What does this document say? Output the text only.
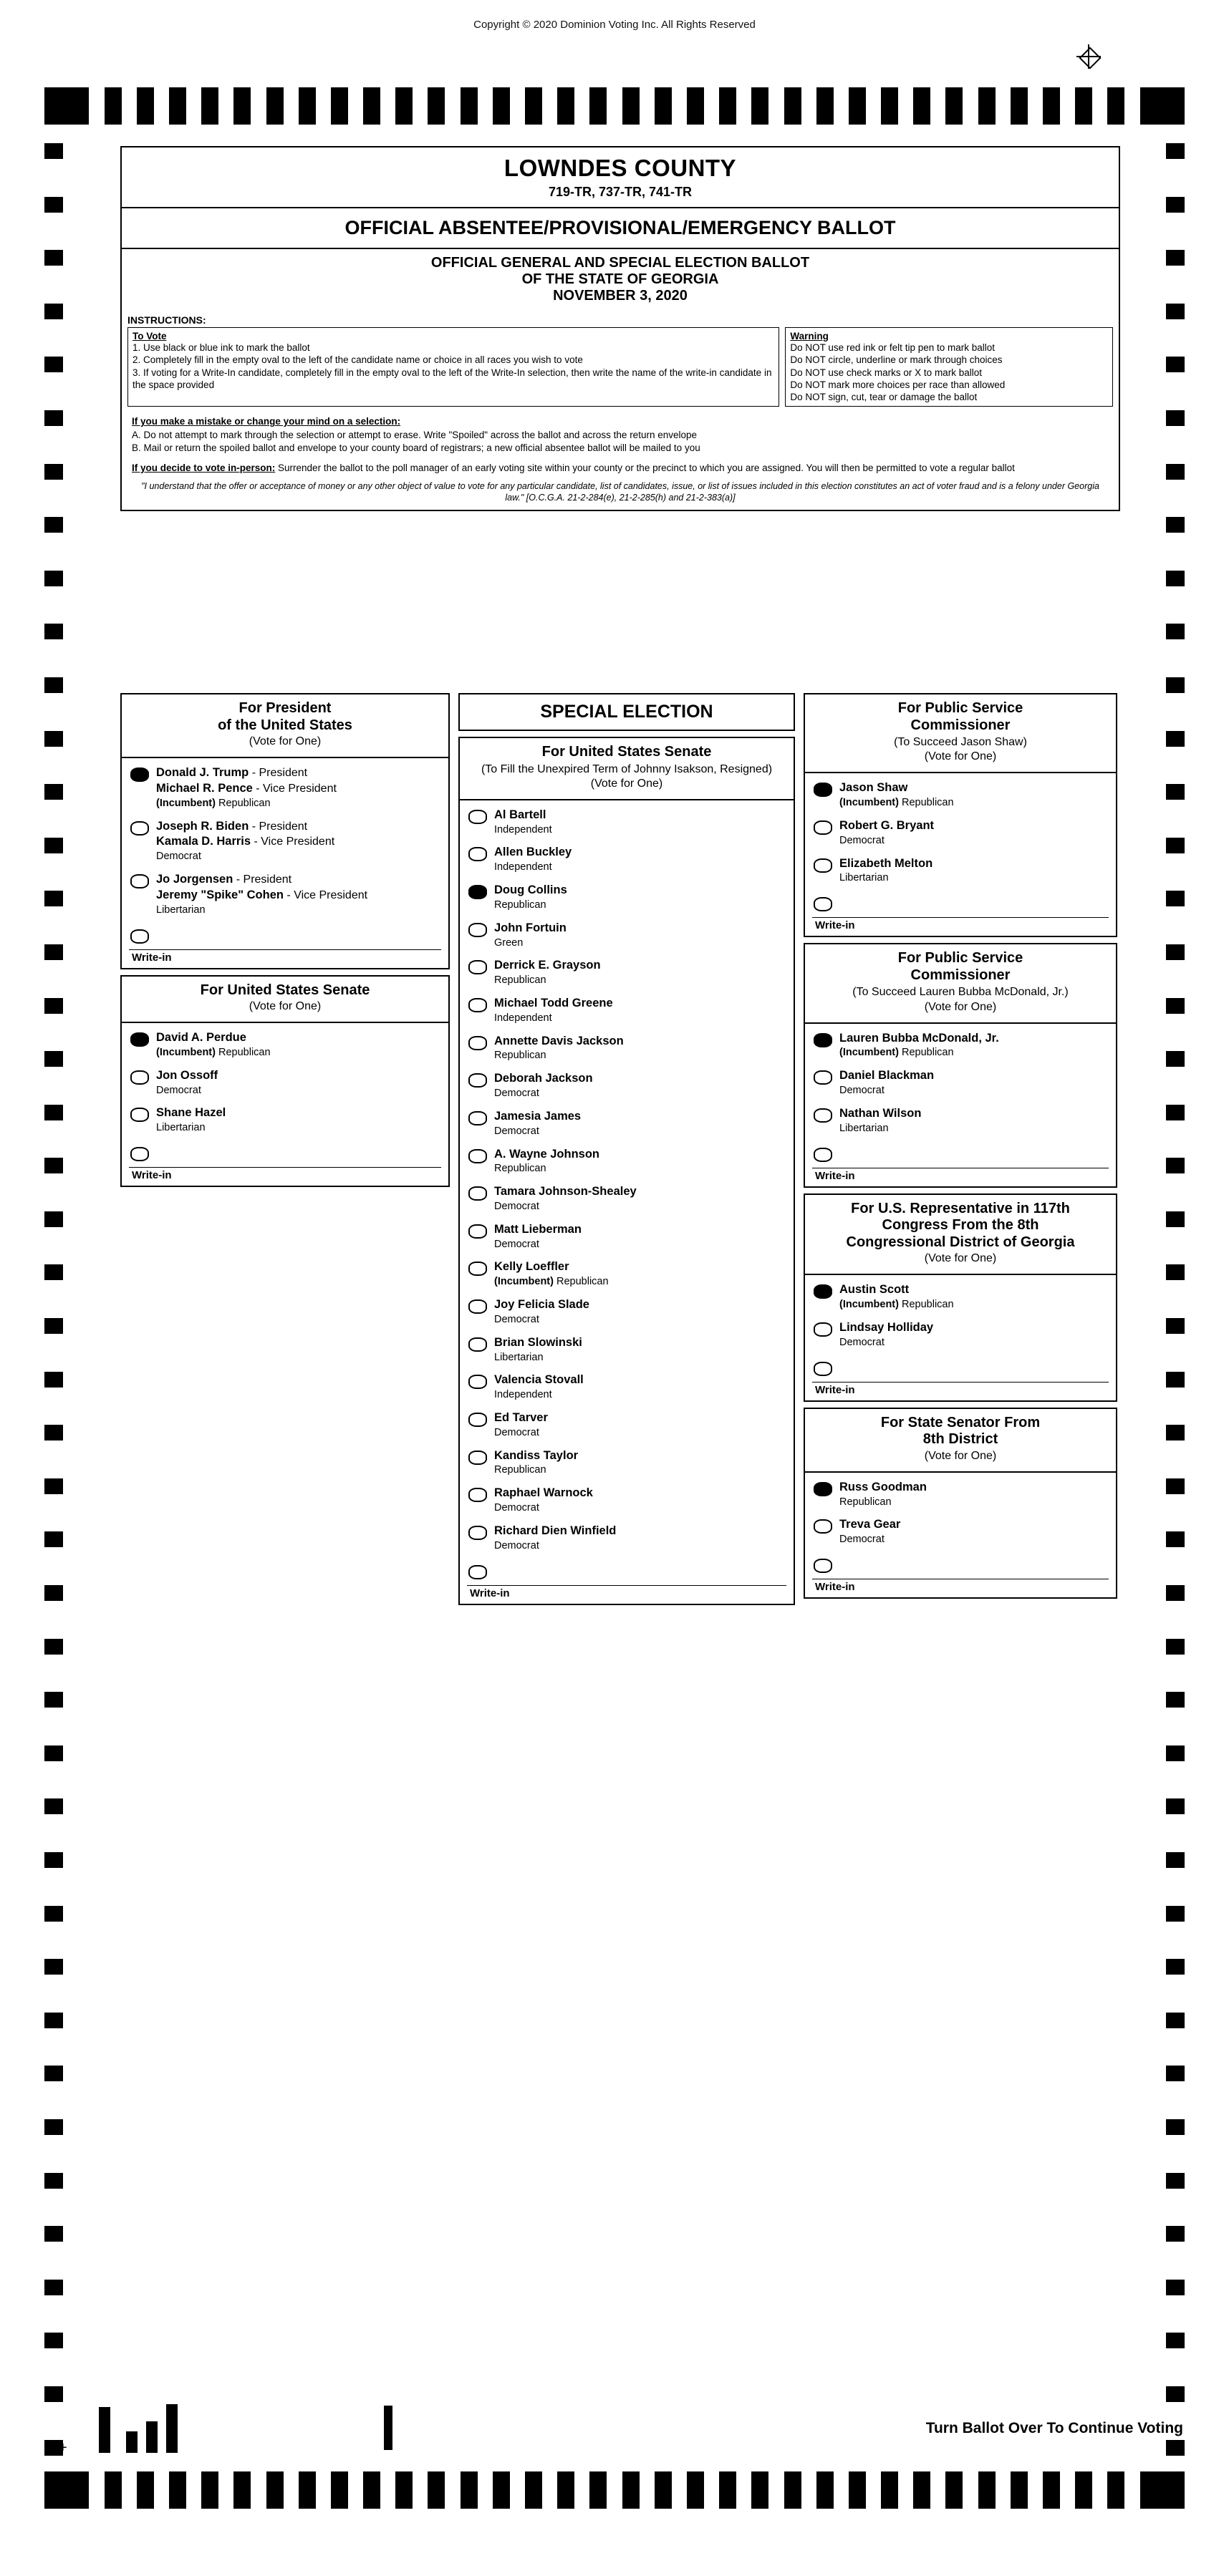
Copyright © 2020 Dominion Voting Inc. All Rights Reserved
LOWNDES COUNTY
719-TR, 737-TR, 741-TR
OFFICIAL ABSENTEE/PROVISIONAL/EMERGENCY BALLOT
OFFICIAL GENERAL AND SPECIAL ELECTION BALLOT
OF THE STATE OF GEORGIA
NOVEMBER 3, 2020
INSTRUCTIONS:
To Vote
1. Use black or blue ink to mark the ballot
2. Completely fill in the empty oval to the left of the candidate name or choice in all races you wish to vote
3. If voting for a Write-In candidate, completely fill in the empty oval to the left of the Write-In selection, then write the name of the write-in candidate in the space provided
Warning
Do NOT use red ink or felt tip pen to mark ballot
Do NOT circle, underline or mark through choices
Do NOT use check marks or X to mark ballot
Do NOT mark more choices per race than allowed
Do NOT sign, cut, tear or damage the ballot
If you make a mistake or change your mind on a selection:
A. Do not attempt to mark through the selection or attempt to erase. Write "Spoiled" across the ballot and across the return envelope
B. Mail or return the spoiled ballot and envelope to your county board of registrars; a new official absentee ballot will be mailed to you
If you decide to vote in-person: Surrender the ballot to the poll manager of an early voting site within your county or the precinct to which you are assigned. You will then be permitted to vote a regular ballot
"I understand that the offer or acceptance of money or any other object of value to vote for any particular candidate, list of candidates, issue, or list of issues included in this election constitutes an act of voter fraud and is a felony under Georgia law." [O.C.G.A. 21-2-284(e), 21-2-285(h) and 21-2-383(a)]
For President
of the United States
(Vote for One)
Donald J. Trump - President
Michael R. Pence - Vice President
(Incumbent) Republican
Joseph R. Biden - President
Kamala D. Harris - Vice President
Democrat
Jo Jorgensen - President
Jeremy "Spike" Cohen - Vice President
Libertarian
Write-in
For United States Senate
(Vote for One)
David A. Perdue
(Incumbent) Republican
Jon Ossoff
Democrat
Shane Hazel
Libertarian
Write-in
SPECIAL ELECTION
For United States Senate
(To Fill the Unexpired Term of Johnny Isakson, Resigned)
(Vote for One)
Al Bartell
Independent
Allen Buckley
Independent
Doug Collins
Republican
John Fortuin
Green
Derrick E. Grayson
Republican
Michael Todd Greene
Independent
Annette Davis Jackson
Republican
Deborah Jackson
Democrat
Jamesia James
Democrat
A. Wayne Johnson
Republican
Tamara Johnson-Shealey
Democrat
Matt Lieberman
Democrat
Kelly Loeffler
(Incumbent) Republican
Joy Felicia Slade
Democrat
Brian Slowinski
Libertarian
Valencia Stovall
Independent
Ed Tarver
Democrat
Kandiss Taylor
Republican
Raphael Warnock
Democrat
Richard Dien Winfield
Democrat
Write-in
For Public Service
Commissioner
(To Succeed Jason Shaw)
(Vote for One)
Jason Shaw
(Incumbent) Republican
Robert G. Bryant
Democrat
Elizabeth Melton
Libertarian
Write-in
For Public Service
Commissioner
(To Succeed Lauren Bubba McDonald, Jr.)
(Vote for One)
Lauren Bubba McDonald, Jr.
(Incumbent) Republican
Daniel Blackman
Democrat
Nathan Wilson
Libertarian
Write-in
For U.S. Representative in 117th
Congress From the 8th
Congressional District of Georgia
(Vote for One)
Austin Scott
(Incumbent) Republican
Lindsay Holliday
Democrat
Write-in
For State Senator From
8th District
(Vote for One)
Russ Goodman
Republican
Treva Gear
Democrat
Write-in
+
Turn Ballot Over To Continue Voting
